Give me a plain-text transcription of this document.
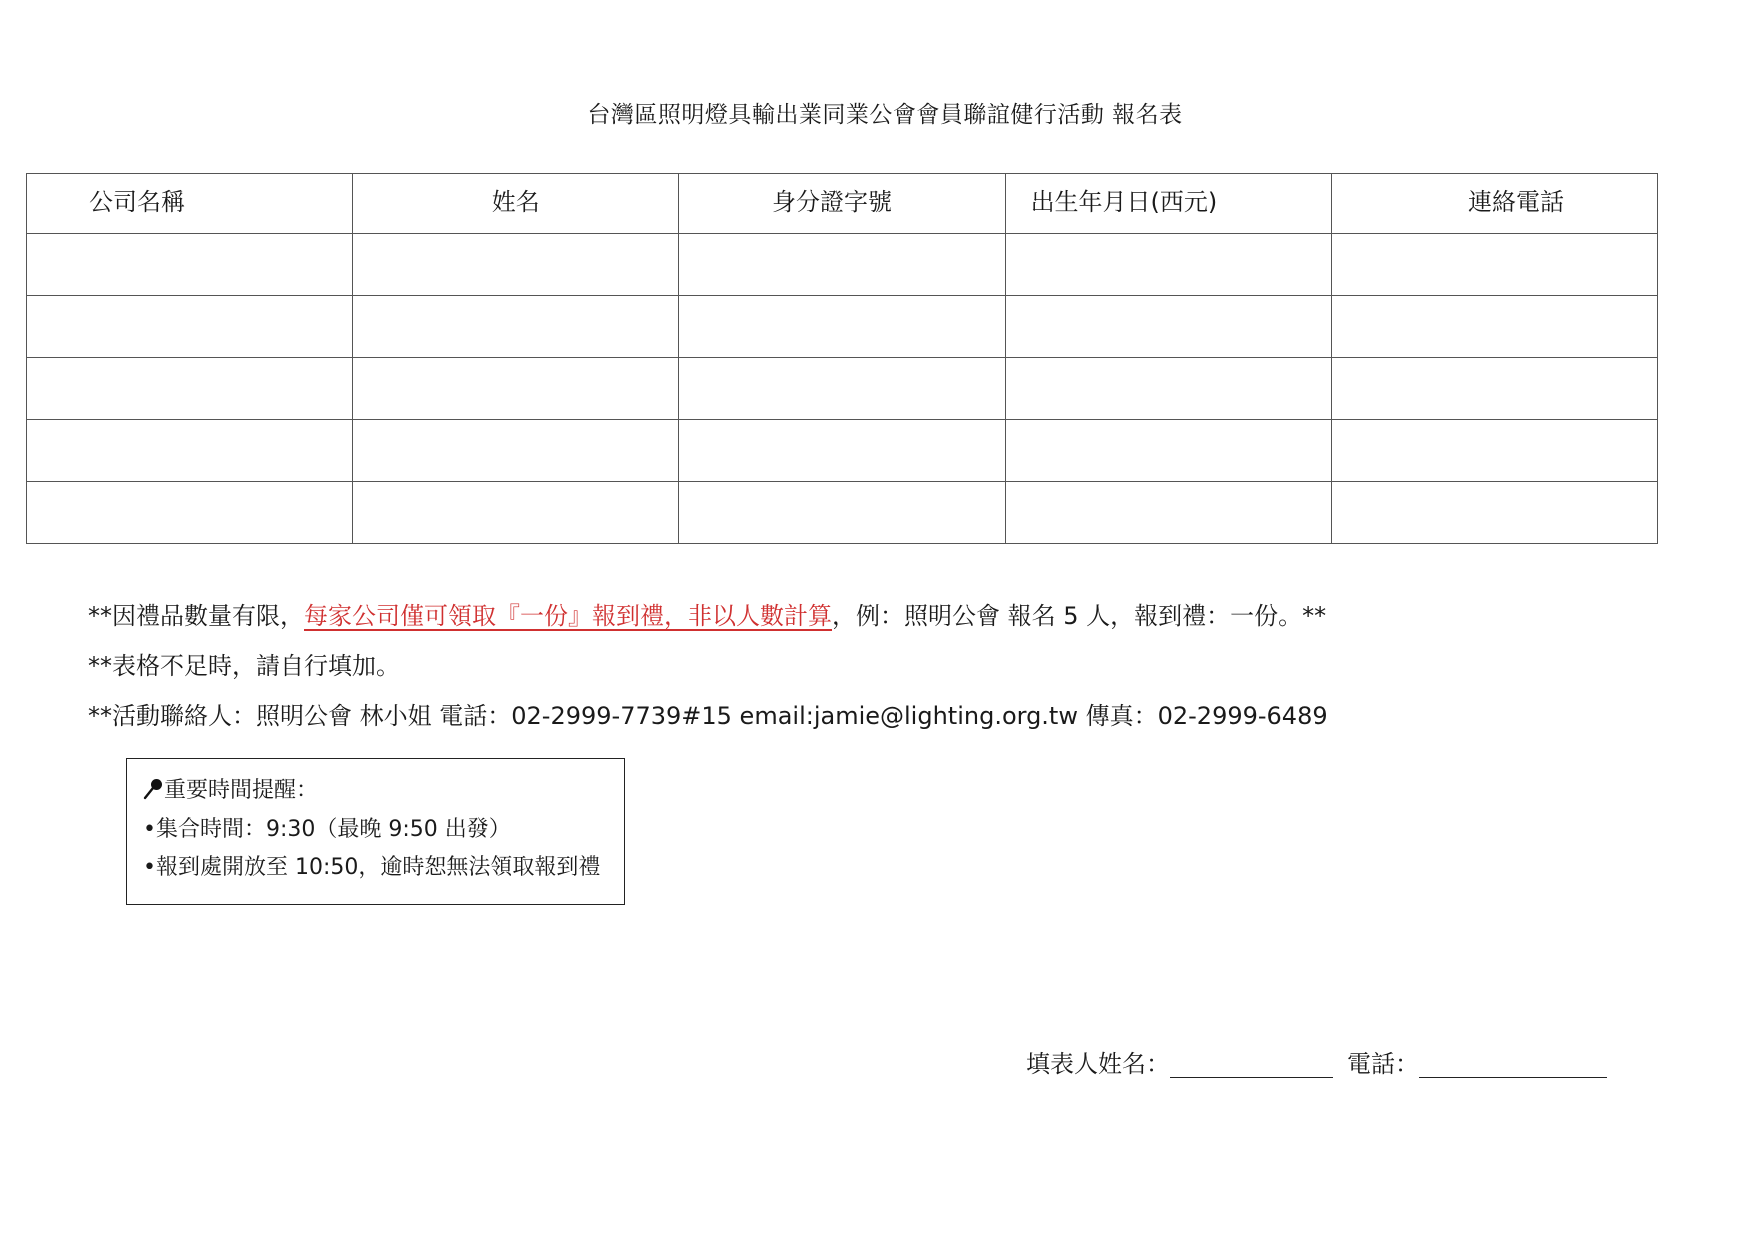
台灣區照明燈具輸出業同業公會會員聯誼健行活動 報名表
公司名稱	姓名	身分證字號	出生年月日(西元)	連絡電話

**因禮品數量有限，每家公司僅可領取『一份』報到禮，非以人數計算，例：照明公會 報名 5 人，報到禮：一份。**
**表格不足時，請自行填加。
**活動聯絡人：照明公會 林小姐 電話：02-2999-7739#15 email:jamie@lighting.org.tw 傳真：02-2999-6489
重要時間提醒：
•集合時間：9:30（最晚 9:50 出發）
•報到處開放至 10:50，逾時恕無法領取報到禮
填表人姓名：	電話：
